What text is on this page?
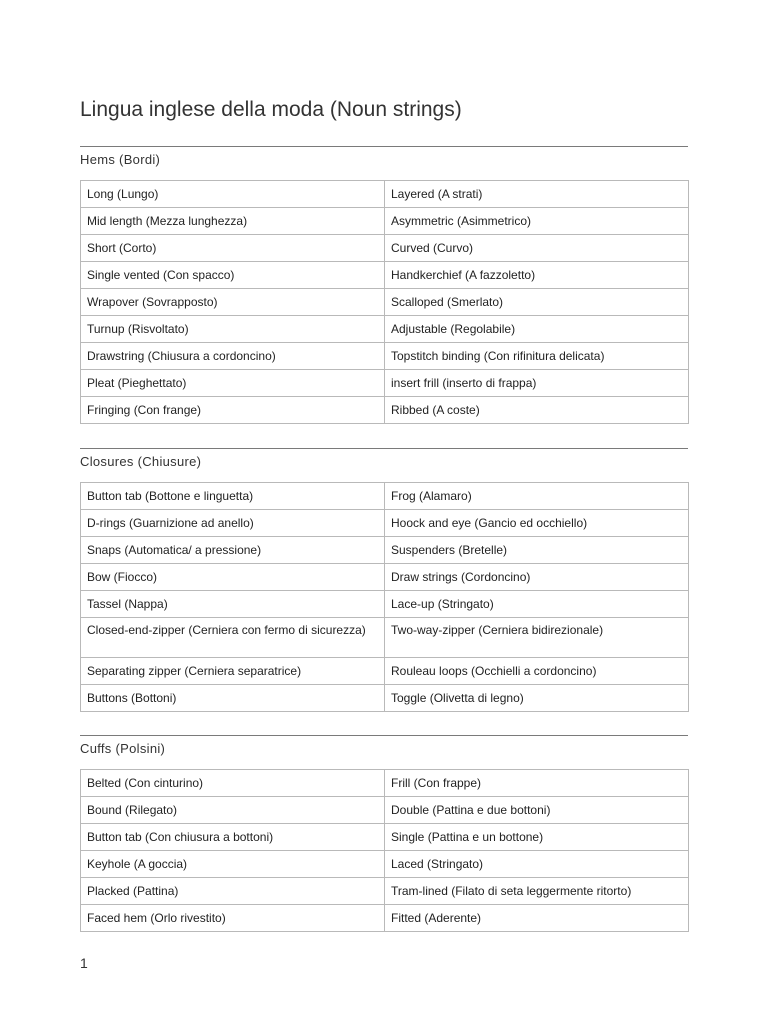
Lingua inglese della moda (Noun strings)
Hems (Bordi)
Long (Lungo)	Layered (A strati)
Mid length (Mezza lunghezza)	Asymmetric (Asimmetrico)
Short (Corto)	Curved (Curvo)
Single vented (Con spacco)	Handkerchief (A fazzoletto)
Wrapover (Sovrapposto)	Scalloped (Smerlato)
Turnup (Risvoltato)	Adjustable (Regolabile)
Drawstring (Chiusura a cordoncino)	Topstitch binding (Con rifinitura delicata)
Pleat (Pieghettato)	insert frill (inserto di frappa)
Fringing (Con frange)	Ribbed (A coste)
Closures (Chiusure)
Button tab (Bottone e linguetta)	Frog (Alamaro)
D-rings (Guarnizione ad anello)	Hoock and eye (Gancio ed occhiello)
Snaps (Automatica/ a pressione)	Suspenders (Bretelle)
Bow (Fiocco)	Draw strings (Cordoncino)
Tassel (Nappa)	Lace-up (Stringato)
Closed-end-zipper (Cerniera con fermo di sicurezza)	Two-way-zipper (Cerniera bidirezionale)
Separating zipper (Cerniera separatrice)	Rouleau loops (Occhielli a cordoncino)
Buttons (Bottoni)	Toggle (Olivetta di legno)
Cuffs (Polsini)
Belted (Con cinturino)	Frill (Con frappe)
Bound (Rilegato)	Double (Pattina e due bottoni)
Button tab (Con chiusura a bottoni)	Single (Pattina e un bottone)
Keyhole (A goccia)	Laced (Stringato)
Placked (Pattina)	Tram-lined (Filato di seta leggermente ritorto)
Faced hem (Orlo rivestito)	Fitted (Aderente)
1
